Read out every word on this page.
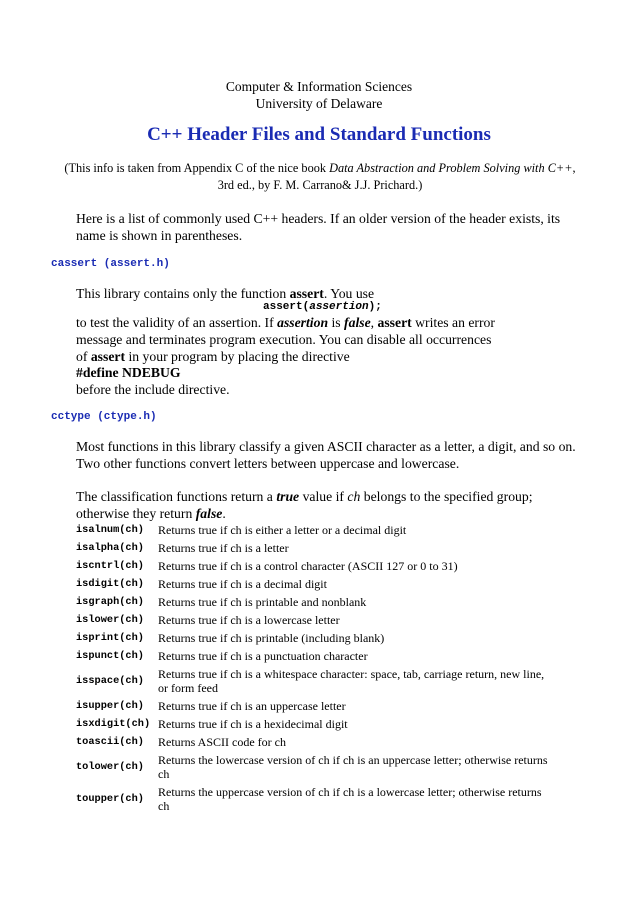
Computer & Information Sciences
University of Delaware
C++ Header Files and Standard Functions
(This info is taken from Appendix C of the nice book Data Abstraction and Problem Solving with C++, 3rd ed., by F. M. Carrano& J.J. Prichard.)
Here is a list of commonly used C++ headers. If an older version of the header exists, its name is shown in parentheses.
cassert (assert.h)
This library contains only the function assert. You use
assert(assertion);
to test the validity of an assertion. If assertion is false, assert writes an error
message and terminates program execution. You can disable all occurrences
of assert in your program by placing the directive
#define NDEBUG
before the include directive.
cctype (ctype.h)
Most functions in this library classify a given ASCII character as a letter, a digit, and so on. Two other functions convert letters between uppercase and lowercase.
The classification functions return a true value if ch belongs to the specified group; otherwise they return false.
isalnum(ch)	Returns true if ch is either a letter or a decimal digit
isalpha(ch)	Returns true if ch is a letter
iscntrl(ch)	Returns true if ch is a control character (ASCII 127 or 0 to 31)
isdigit(ch)	Returns true if ch is a decimal digit
isgraph(ch)	Returns true if ch is printable and nonblank
islower(ch)	Returns true if ch is a lowercase letter
isprint(ch)	Returns true if ch is printable (including blank)
ispunct(ch)	Returns true if ch is a punctuation character
isspace(ch)	Returns true if ch is a whitespace character: space, tab, carriage return, new line, or form feed
isupper(ch)	Returns true if ch is an uppercase letter
isxdigit(ch)	Returns true if ch is a hexidecimal digit
toascii(ch)	Returns ASCII code for ch
tolower(ch)	Returns the lowercase version of ch if ch is an uppercase letter; otherwise returns ch
toupper(ch)	Returns the uppercase version of ch if ch is a lowercase letter; otherwise returns ch
